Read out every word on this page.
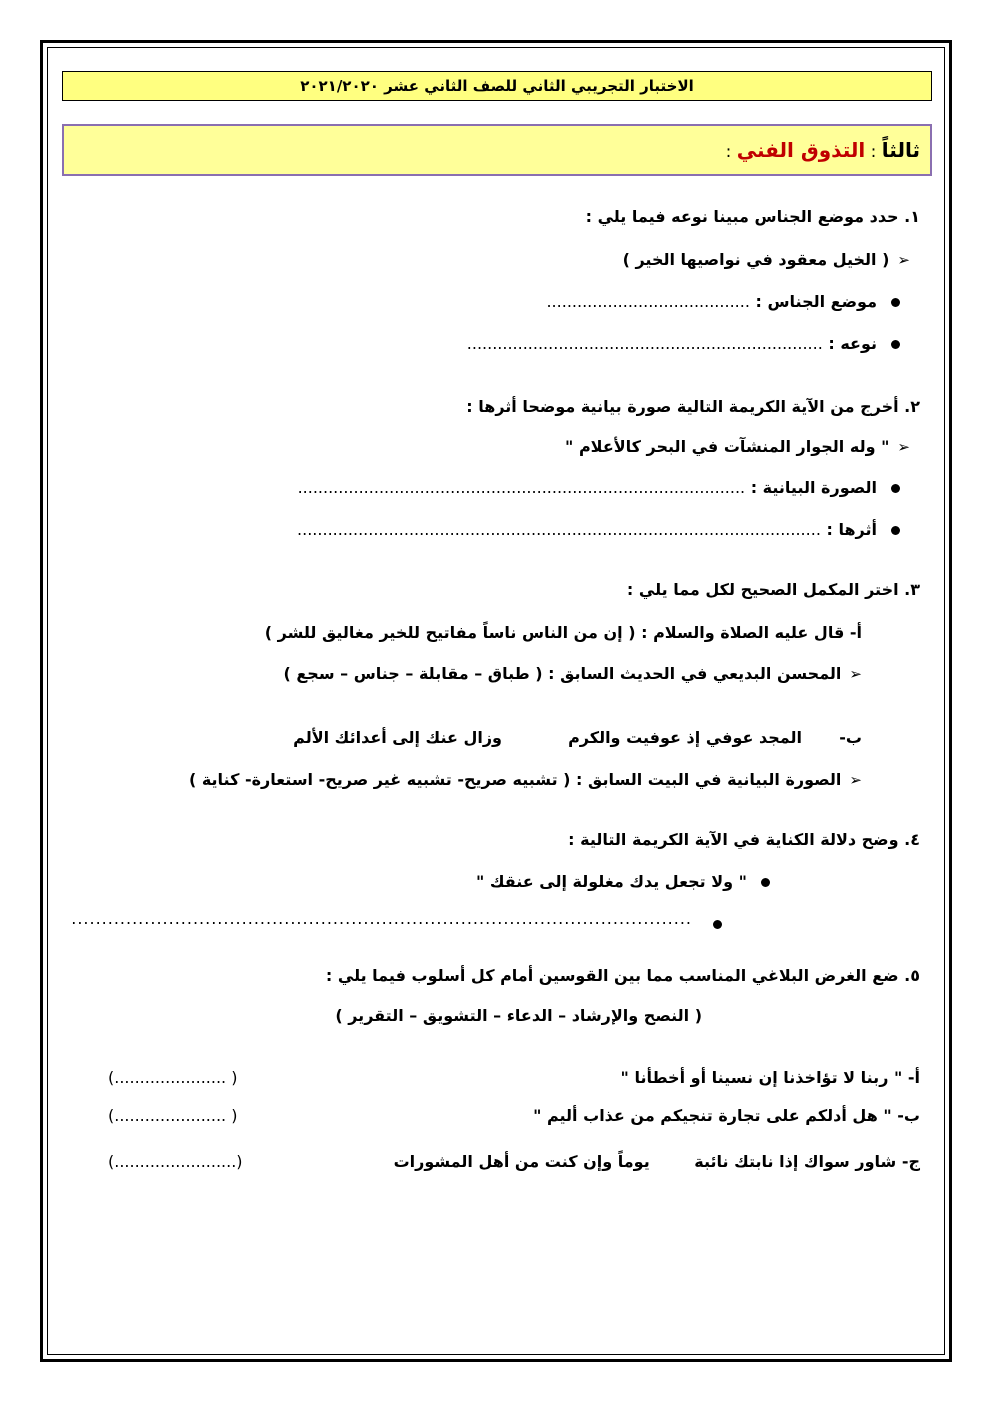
الاختبار التجريبي الثاني للصف الثاني عشر ٢٠٢١/٢٠٢٠
ثالثاً : التذوق الفني :
١. حدد موضع الجناس مبينا نوعه فيما يلي :
➢( الخيل معقود في نواصيها الخير )
موضع الجناس : ........................................
نوعه : ......................................................................
٢. أخرج من الآية الكريمة التالية صورة بيانية موضحا أثرها :
➢" وله الجوار المنشآت في البحر كالأعلام "
الصورة البيانية : ........................................................................................
أثرها : .......................................................................................................
٣. اختر المكمل الصحيح لكل مما يلي :
أ- قال عليه الصلاة والسلام : ( إن من الناس ناساً مفاتيح للخير مغاليق للشر )
➢المحسن البديعي في الحديث السابق : ( طباق – مقابلة – جناس – سجع )
ب-
المجد عوفي إذ عوفيت والكرم
وزال عنك إلى أعدائك الألم
➢الصورة البيانية في البيت السابق : ( تشبيه صريح- تشبيه غير صريح- استعارة- كناية )
٤. وضح دلالة الكناية في الآية الكريمة التالية :
" ولا تجعل يدك مغلولة إلى عنقك "
......................................................................................................
٥. ضع الغرض البلاغي المناسب مما بين القوسين أمام كل أسلوب فيما يلي :
( النصح والإرشاد – الدعاء – التشويق – التقرير )
أ- " ربنا لا تؤاخذنا إن نسينا أو أخطأنا "
( ......................)
ب- " هل أدلكم على تجارة تنجيكم من عذاب أليم "
( ......................)
ج- شاور سواك إذا نابتك نائبة        يوماً وإن كنت من أهل المشورات
(........................)
